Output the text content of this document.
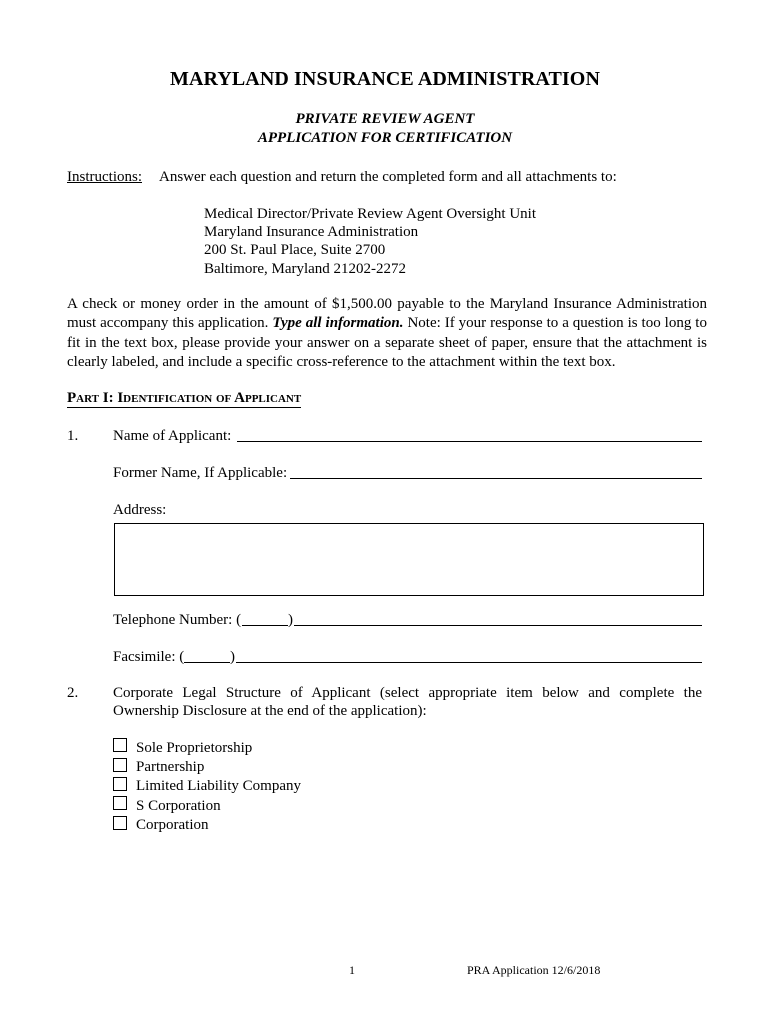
MARYLAND INSURANCE ADMINISTRATION
PRIVATE REVIEW AGENT
APPLICATION FOR CERTIFICATION
Instructions: Answer each question and return the completed form and all attachments to:
Medical Director/Private Review Agent Oversight Unit
Maryland Insurance Administration
200 St. Paul Place, Suite 2700
Baltimore, Maryland 21202-2272
A check or money order in the amount of $1,500.00 payable to the Maryland Insurance Administration must accompany this application. Type all information. Note: If your response to a question is too long to fit in the text box, please provide your answer on a separate sheet of paper, ensure that the attachment is clearly labeled, and include a specific cross-reference to the attachment within the text box.
Part I: Identification of Applicant
1. Name of Applicant:
Former Name, If Applicable:
Address:
Telephone Number: (	)
Facsimile: (	)
2. Corporate Legal Structure of Applicant (select appropriate item below and complete the
Ownership Disclosure at the end of the application):
Sole Proprietorship
Partnership
Limited Liability Company
S Corporation
Corporation
1	PRA Application 12/6/2018
